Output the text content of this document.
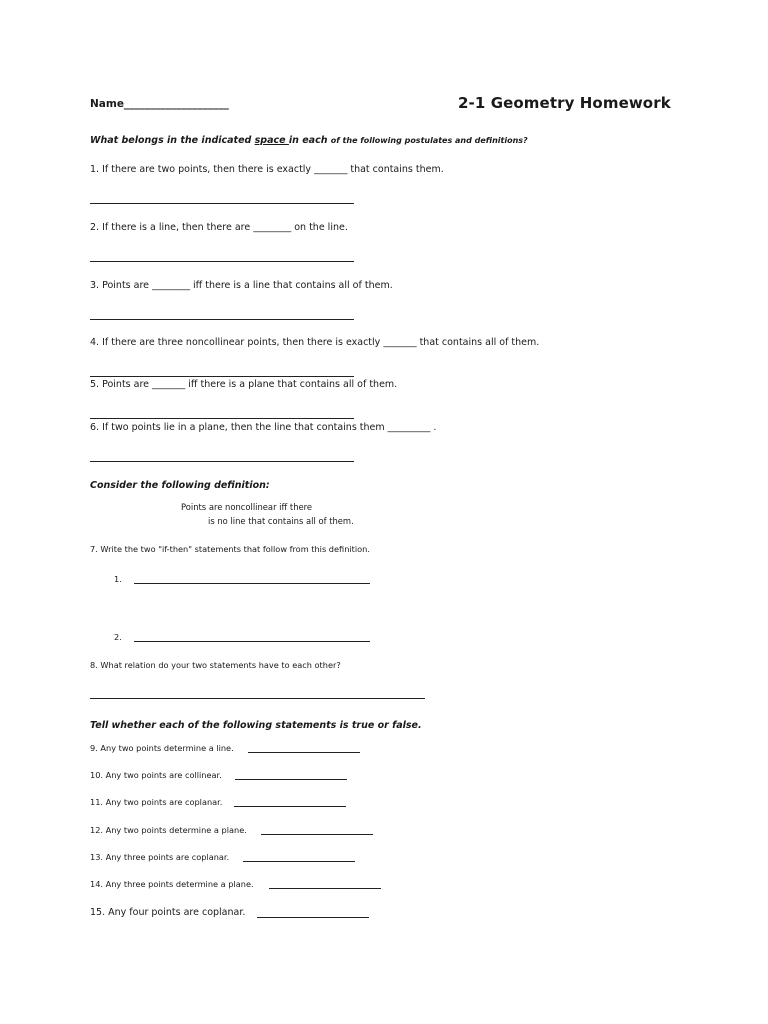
Name____________________	2-1 Geometry Homework
What belongs in the indicated space in each of the following postulates and definitions?
1. If there are two points, then there is exactly _______ that contains them.
2. If there is a line, then there are ________ on the line.
3. Points are ________ iff there is a line that contains all of them.
4. If there are three noncollinear points, then there is exactly _______ that contains all of them.
5. Points are _______ iff there is a plane that contains all of them.
6. If two points lie in a plane, then the line that contains them _________ .
Consider the following definition:
Points are noncollinear iff there
is no line that contains all of them.
7. Write the two "if-then" statements that follow from this definition.
1.
2.
8. What relation do your two statements have to each other?
Tell whether each of the following statements is true or false.
9. Any two points determine a line.
10. Any two points are collinear.
11. Any two points are coplanar.
12. Any two points determine a plane.
13. Any three points are coplanar.
14. Any three points determine a plane.
15. Any four points are coplanar.
